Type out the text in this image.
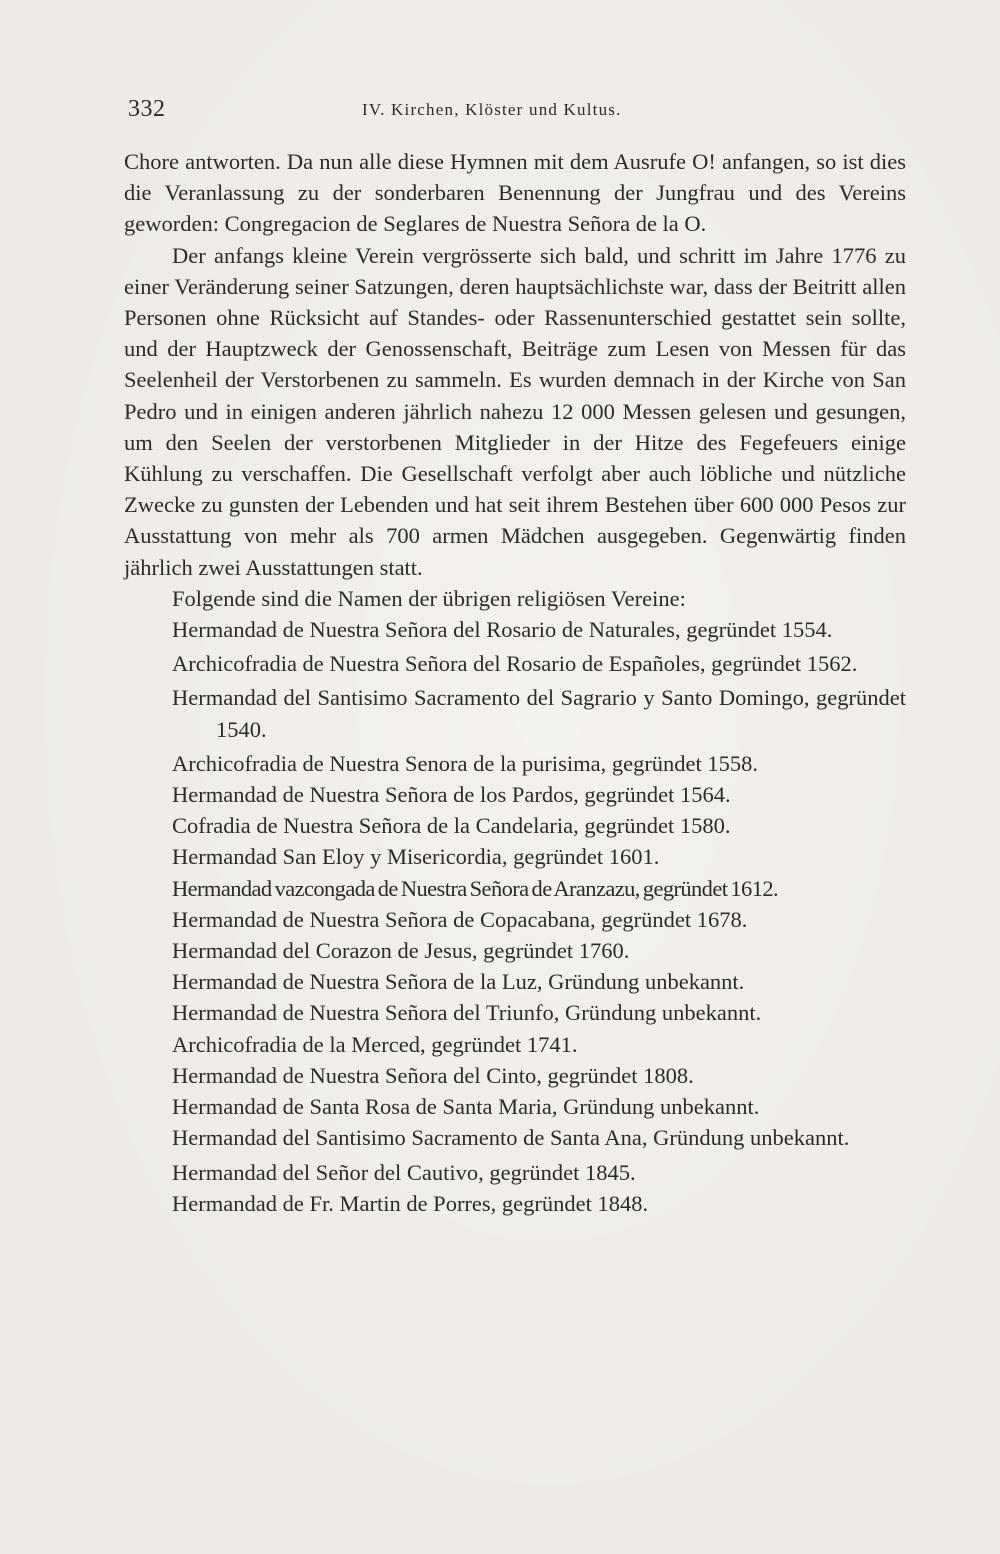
332	IV. Kirchen, Klöster und Kultus.

Chore antworten. Da nun alle diese Hymnen mit dem Ausrufe O! anfangen, so ist dies die Veranlassung zu der sonderbaren Benennung der Jungfrau und des Vereins geworden: Congregacion de Seglares de Nuestra Señora de la O.

Der anfangs kleine Verein vergrösserte sich bald, und schritt im Jahre 1776 zu einer Veränderung seiner Satzungen, deren hauptsächlichste war, dass der Beitritt allen Personen ohne Rücksicht auf Standes- oder Rassenunterschied gestattet sein sollte, und der Hauptzweck der Genossenschaft, Beiträge zum Lesen von Messen für das Seelenheil der Verstorbenen zu sammeln. Es wurden demnach in der Kirche von San Pedro und in einigen anderen jährlich nahezu 12 000 Messen gelesen und gesungen, um den Seelen der verstorbenen Mitglieder in der Hitze des Fegefeuers einige Kühlung zu verschaffen. Die Gesellschaft verfolgt aber auch löbliche und nützliche Zwecke zu gunsten der Lebenden und hat seit ihrem Bestehen über 600 000 Pesos zur Ausstattung von mehr als 700 armen Mädchen ausgegeben. Gegenwärtig finden jährlich zwei Ausstattungen statt.

Folgende sind die Namen der übrigen religiösen Vereine:

Hermandad de Nuestra Señora del Rosario de Naturales, gegründet 1554.
Archicofradia de Nuestra Señora del Rosario de Españoles, gegründet 1562.
Hermandad del Santisimo Sacramento del Sagrario y Santo Domingo, gegründet 1540.
Archicofradia de Nuestra Senora de la purisima, gegründet 1558.
Hermandad de Nuestra Señora de los Pardos, gegründet 1564.
Cofradia de Nuestra Señora de la Candelaria, gegründet 1580.
Hermandad San Eloy y Misericordia, gegründet 1601.
Hermandad vazcongada de Nuestra Señora de Aranzazu, gegründet 1612.
Hermandad de Nuestra Señora de Copacabana, gegründet 1678.
Hermandad del Corazon de Jesus, gegründet 1760.
Hermandad de Nuestra Señora de la Luz, Gründung unbekannt.
Hermandad de Nuestra Señora del Triunfo, Gründung unbekannt.
Archicofradia de la Merced, gegründet 1741.
Hermandad de Nuestra Señora del Cinto, gegründet 1808.
Hermandad de Santa Rosa de Santa Maria, Gründung unbekannt.
Hermandad del Santisimo Sacramento de Santa Ana, Gründung unbekannt.
Hermandad del Señor del Cautivo, gegründet 1845.
Hermandad de Fr. Martin de Porres, gegründet 1848.
